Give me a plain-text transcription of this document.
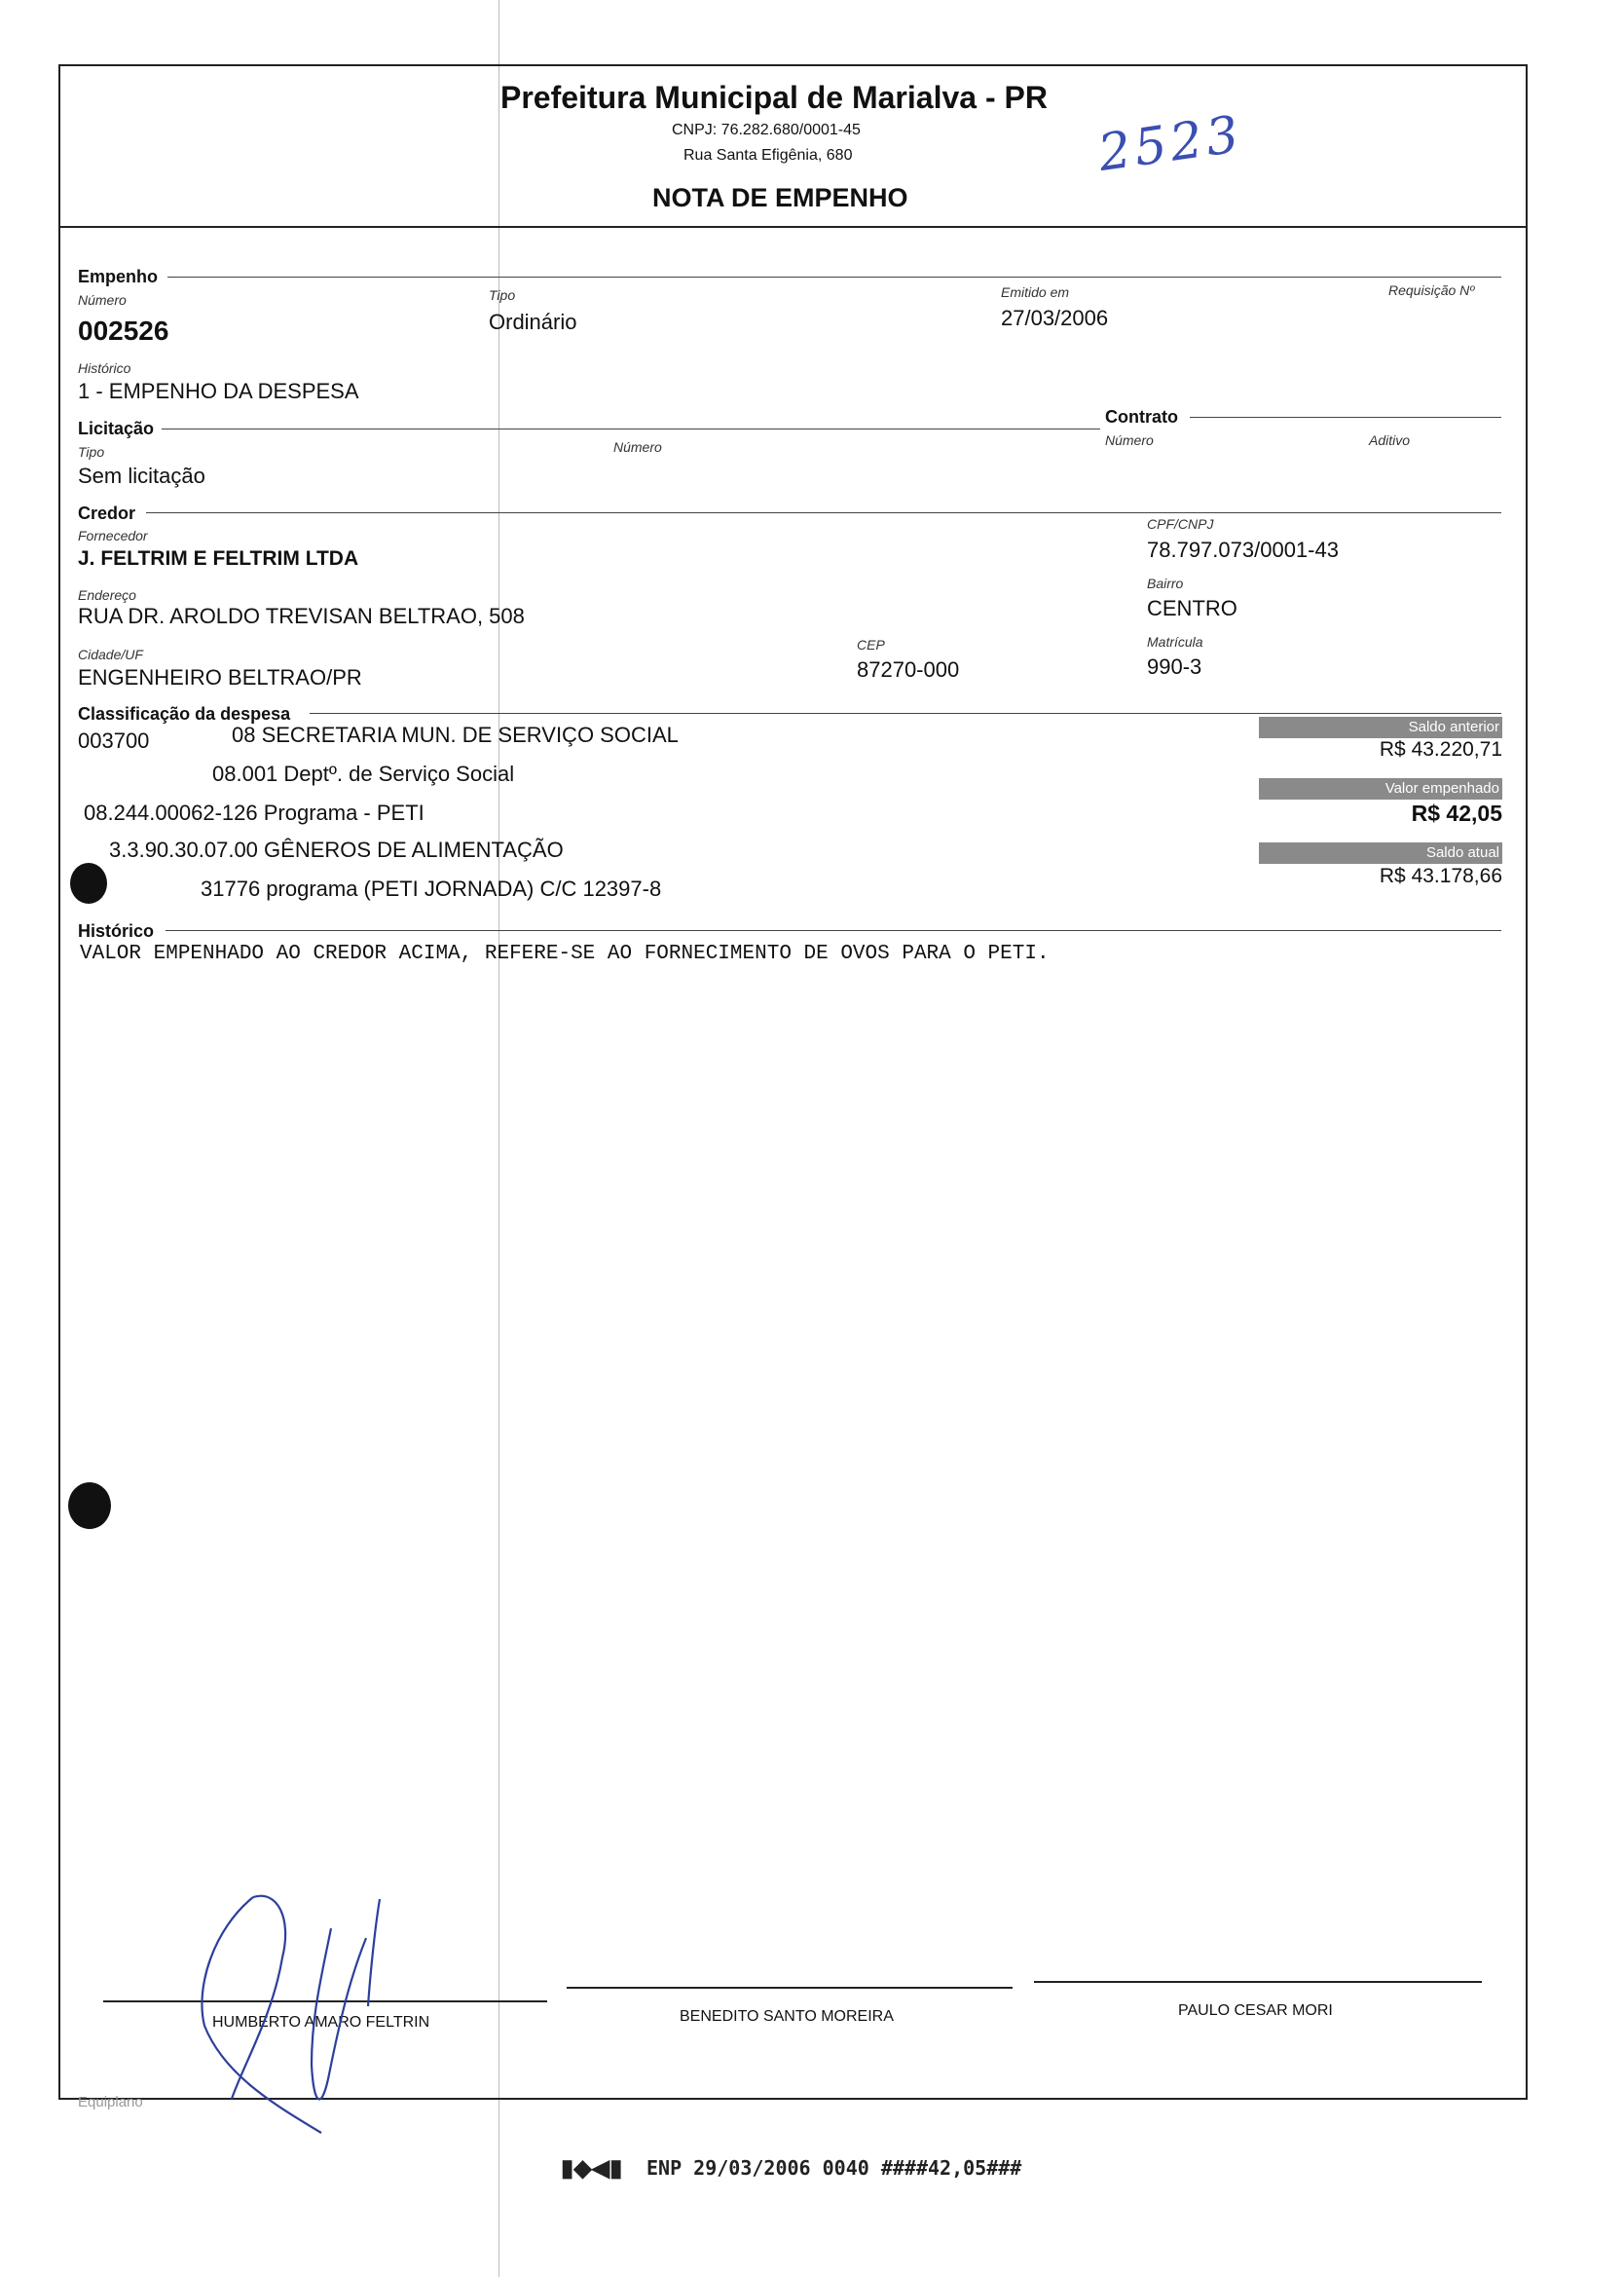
Prefeitura Municipal de Marialva - PR
CNPJ: 76.282.680/0001-45
Rua Santa Efigênia, 680
NOTA DE EMPENHO
2523
Empenho
Número
002526
Tipo
Ordinário
Emitido em
27/03/2006
Requisição Nº
Histórico
1 - EMPENHO DA DESPESA
Licitação
Tipo
Sem licitação
Número
Contrato
Número	Aditivo
Credor
Fornecedor
J. FELTRIM E FELTRIM LTDA
CPF/CNPJ
78.797.073/0001-43
Endereço
RUA DR. AROLDO TREVISAN BELTRAO, 508
Bairro
CENTRO
Cidade/UF
ENGENHEIRO BELTRAO/PR
CEP
87270-000
Matrícula
990-3
Classificação da despesa
003700	08 SECRETARIA MUN. DE SERVIÇO SOCIAL
08.001 Deptº. de Serviço Social
08.244.00062-126 Programa - PETI
3.3.90.30.07.00 GÊNEROS DE ALIMENTAÇÃO
31776 programa (PETI JORNADA) C/C 12397-8
Saldo anterior
R$ 43.220,71
Valor empenhado
R$ 42,05
Saldo atual
R$ 43.178,66
Histórico
VALOR EMPENHADO AO CREDOR ACIMA, REFERE-SE AO FORNECIMENTO DE OVOS PARA O PETI.
HUMBERTO AMARO FELTRIN	BENEDITO SANTO MOREIRA	PAULO CESAR MORI
Equiplano
▮◆◀▮ ENP 29/03/2006 0040 ####42,05###
